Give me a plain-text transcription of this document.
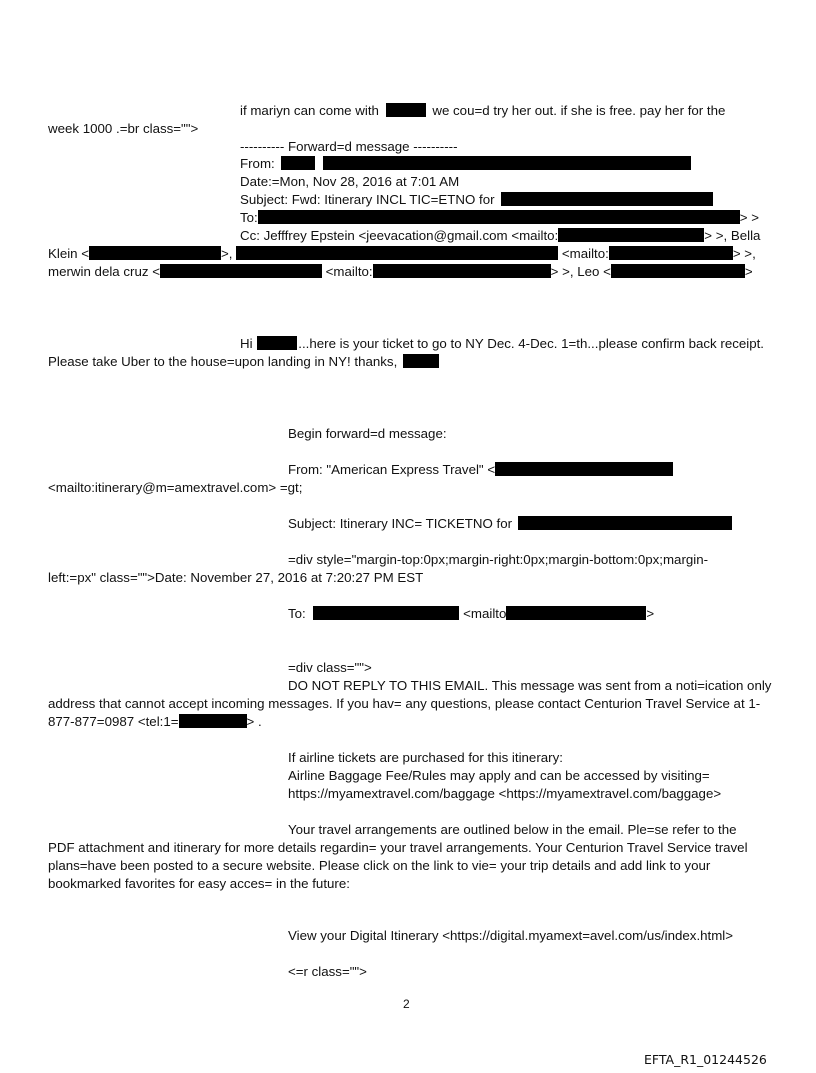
if mariyn can come with	we cou=d try her out. if she is free. pay her for the
week 1000 .=br class="">
---------- Forward=d message ----------
From:
Date:=Mon, Nov 28, 2016 at 7:01 AM
Subject: Fwd: Itinerary INCL TIC=ETNO for
To:	> >
Cc: Jefffrey Epstein <jeevacation@gmail.com <mailto:	> >, Bella
Klein <	>,	<mailto:	> >,
merwin dela cruz <	<mailto:	> >, Leo <	>
Hi	...here is your ticket to go to NY Dec. 4-Dec. 1=th...please confirm back receipt.
Please take Uber to the house=upon landing in NY! thanks,
Begin forward=d message:
From: "American Express Travel" <
<mailto:itinerary@m=amextravel.com> =gt;
Subject: Itinerary INC= TICKETNO for
=div style="margin-top:0px;margin-right:0px;margin-bottom:0px;margin-
left:=px" class="">Date: November 27, 2016 at 7:20:27 PM EST
To:	<mailto	>
=div class="">
DO NOT REPLY TO THIS EMAIL. This message was sent from a noti=ication only
address that cannot accept incoming messages. If you hav= any questions, please contact Centurion Travel Service at 1-
877-877=0987 <tel:1=	> .
If airline tickets are purchased for this itinerary:
Airline Baggage Fee/Rules may apply and can be accessed by visiting=
https://myamextravel.com/baggage <https://myamextravel.com/baggage>
Your travel arrangements are outlined below in the email. Ple=se refer to the
PDF attachment and itinerary for more details regardin= your travel arrangements. Your Centurion Travel Service travel
plans=have been posted to a secure website. Please click on the link to vie= your trip details and add link to your
bookmarked favorites for easy acces= in the future:
View your Digital Itinerary <https://digital.myamext=avel.com/us/index.html>
<=r class="">
2
EFTA_R1_01244526
